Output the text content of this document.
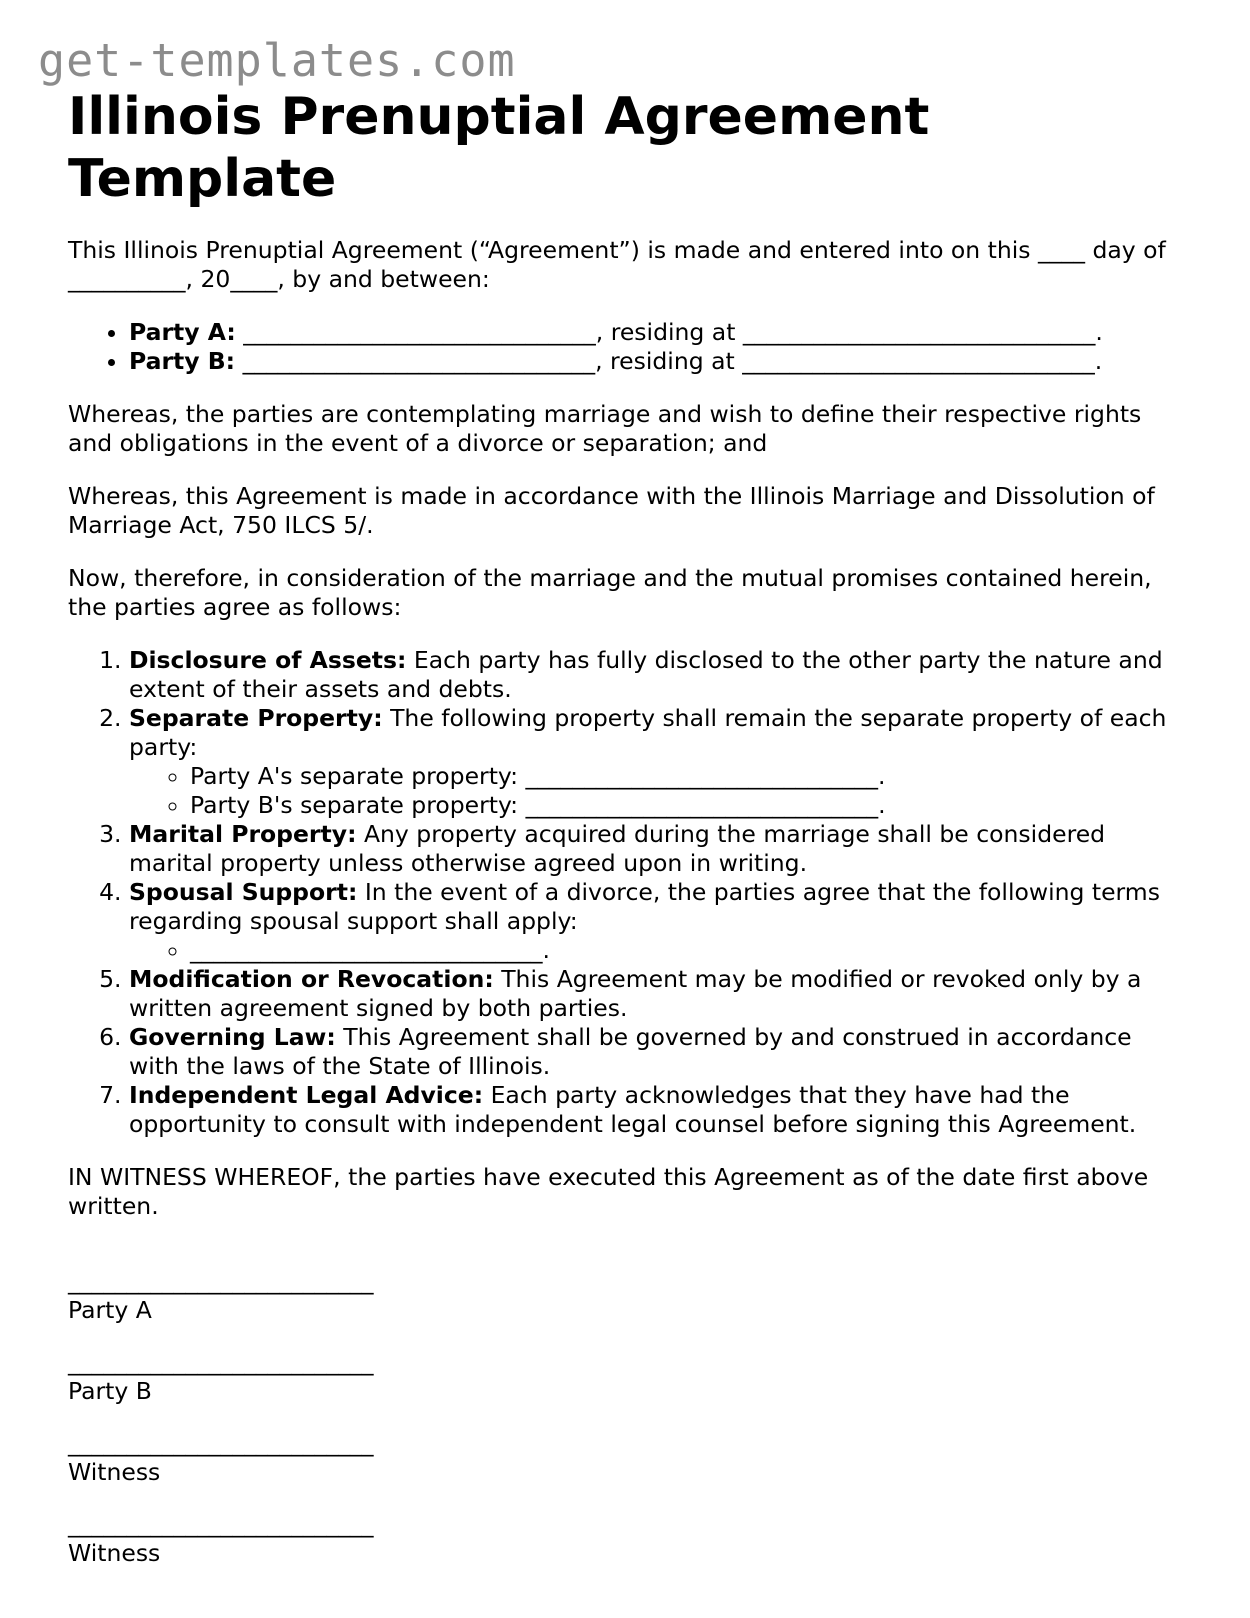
get-templates.com
Illinois Prenuptial Agreement Template

This Illinois Prenuptial Agreement (“Agreement”) is made and entered into on this ____ day of __________, 20____, by and between:

• Party A: ______________________________, residing at ______________________________.
• Party B: ______________________________, residing at ______________________________.

Whereas, the parties are contemplating marriage and wish to define their respective rights and obligations in the event of a divorce or separation; and

Whereas, this Agreement is made in accordance with the Illinois Marriage and Dissolution of Marriage Act, 750 ILCS 5/.

Now, therefore, in consideration of the marriage and the mutual promises contained herein, the parties agree as follows:

1. Disclosure of Assets: Each party has fully disclosed to the other party the nature and extent of their assets and debts.
2. Separate Property: The following property shall remain the separate property of each party:
◦ Party A's separate property: ______________________________.
◦ Party B's separate property: ______________________________.
3. Marital Property: Any property acquired during the marriage shall be considered marital property unless otherwise agreed upon in writing.
4. Spousal Support: In the event of a divorce, the parties agree that the following terms regarding spousal support shall apply:
◦ ______________________________.
5. Modification or Revocation: This Agreement may be modified or revoked only by a written agreement signed by both parties.
6. Governing Law: This Agreement shall be governed by and construed in accordance with the laws of the State of Illinois.
7. Independent Legal Advice: Each party acknowledges that they have had the opportunity to consult with independent legal counsel before signing this Agreement.

IN WITNESS WHEREOF, the parties have executed this Agreement as of the date first above written.

__________________________
Party A
__________________________
Party B
__________________________
Witness
__________________________
Witness
